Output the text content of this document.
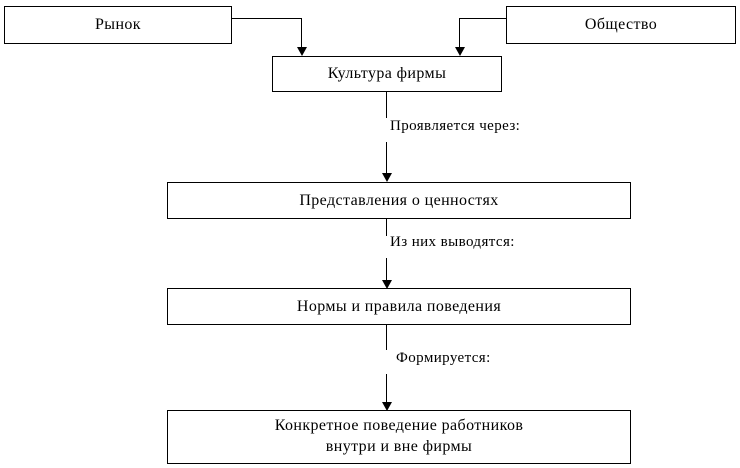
Рынок	Общество
Культура фирмы
Проявляется через:
Представления о ценностях
Из них выводятся:
Нормы и правила поведения
Формируется:
Конкретное поведение работников
внутри и вне фирмы
